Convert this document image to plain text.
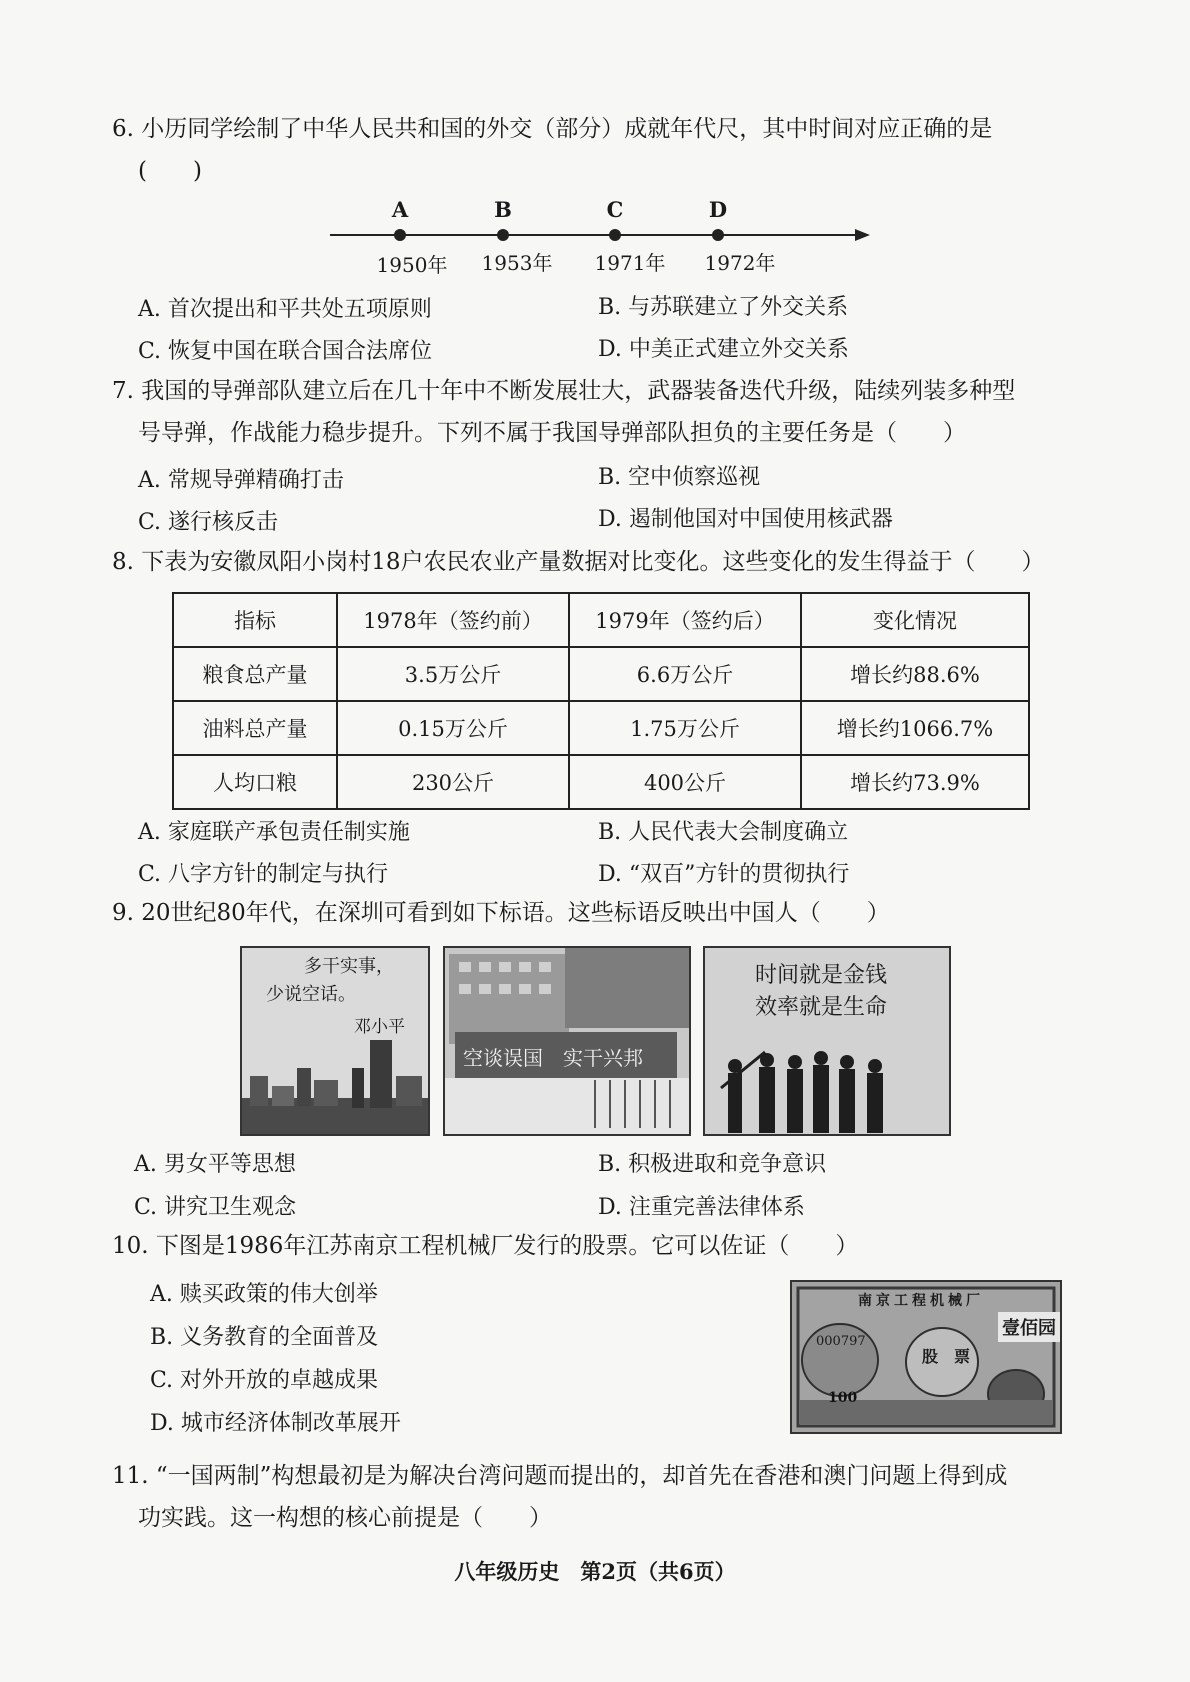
6. 小历同学绘制了中华人民共和国的外交（部分）成就年代尺，其中时间对应正确的是
(　　)
A	B	C	D
1950年 1953年 1971年 1972年
A. 首次提出和平共处五项原则	B. 与苏联建立了外交关系
C. 恢复中国在联合国合法席位	D. 中美正式建立外交关系
7. 我国的导弹部队建立后在几十年中不断发展壮大，武器装备迭代升级，陆续列装多种型
号导弹，作战能力稳步提升。下列不属于我国导弹部队担负的主要任务是（　　）
A. 常规导弹精确打击	B. 空中侦察巡视
C. 遂行核反击	D. 遏制他国对中国使用核武器
8. 下表为安徽凤阳小岗村18户农民农业产量数据对比变化。这些变化的发生得益于（　　）
指标	1978年（签约前）	1979年（签约后）	变化情况
粮食总产量	3.5万公斤	6.6万公斤	增长约88.6%
油料总产量	0.15万公斤	1.75万公斤	增长约1066.7%
人均口粮	230公斤	400公斤	增长约73.9%
A. 家庭联产承包责任制实施	B. 人民代表大会制度确立
C. 八字方针的制定与执行	D. “双百”方针的贯彻执行
9. 20世纪80年代，在深圳可看到如下标语。这些标语反映出中国人（　　）
多干实事，
少说空话。
邓小平
空谈误国　实干兴邦
时间就是金钱
效率就是生命
A. 男女平等思想	B. 积极进取和竞争意识
C. 讲究卫生观念	D. 注重完善法律体系
10. 下图是1986年江苏南京工程机械厂发行的股票。它可以佐证（　　）
A. 赎买政策的伟大创举
B. 义务教育的全面普及
C. 对外开放的卓越成果
D. 城市经济体制改革展开
南京工程机械厂
股　票
壹佰园
000797
100
11. “一国两制”构想最初是为解决台湾问题而提出的，却首先在香港和澳门问题上得到成
功实践。这一构想的核心前提是（　　）
八年级历史　第2页（共6页）
